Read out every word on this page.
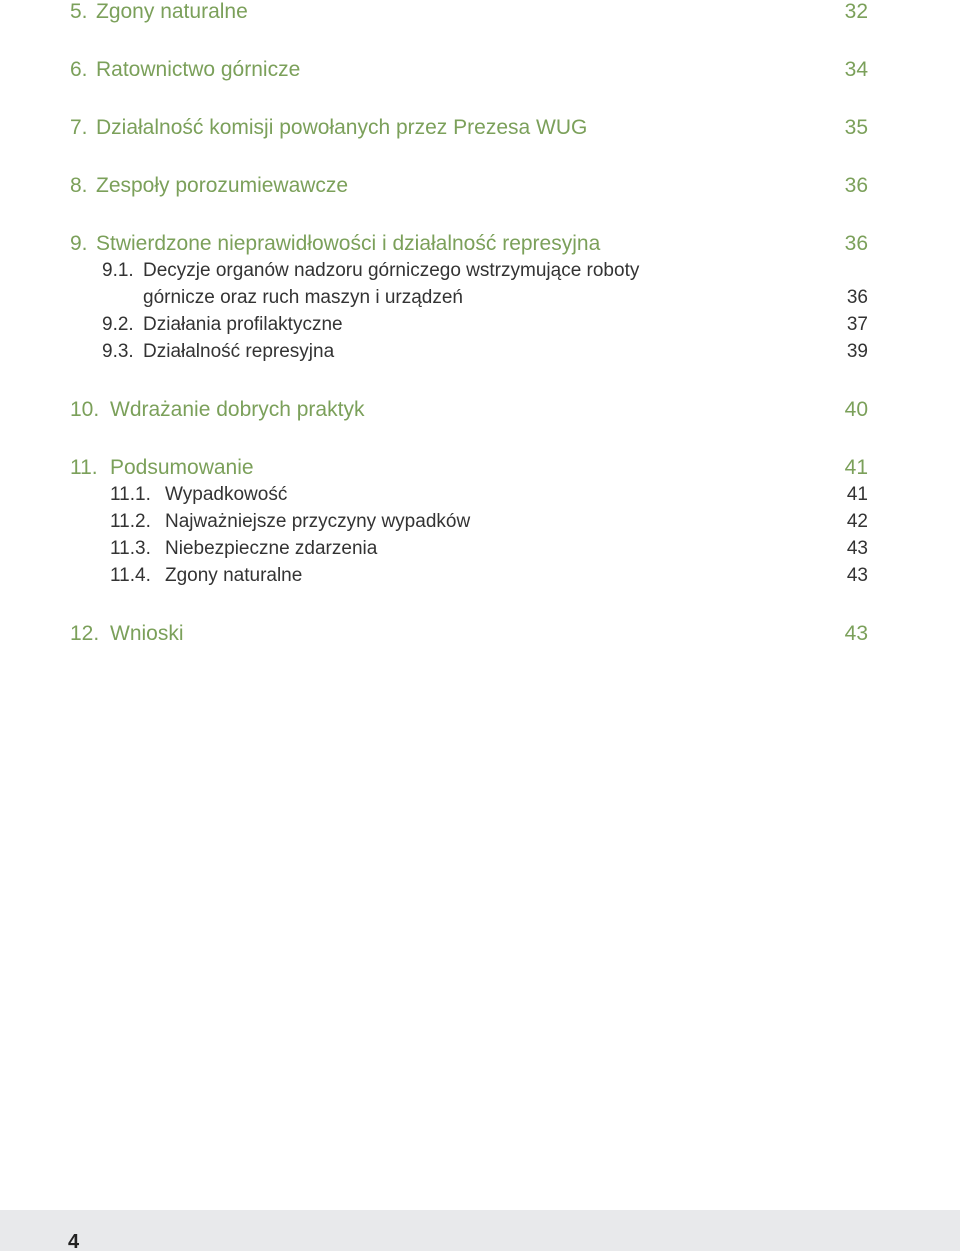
5. Zgony naturalne	32
6. Ratownictwo górnicze	34
7. Działalność komisji powołanych przez Prezesa WUG	35
8. Zespoły porozumiewawcze	36
9. Stwierdzone nieprawidłowości i działalność represyjna	36
9.1. Decyzje organów nadzoru górniczego wstrzymujące roboty
górnicze oraz ruch maszyn i urządzeń	36
9.2. Działania profilaktyczne	37
9.3. Działalność represyjna	39
10. Wdrażanie dobrych praktyk	40
11. Podsumowanie	41
11.1. Wypadkowość	41
11.2. Najważniejsze przyczyny wypadków	42
11.3. Niebezpieczne zdarzenia	43
11.4. Zgony naturalne	43
12. Wnioski	43
4
